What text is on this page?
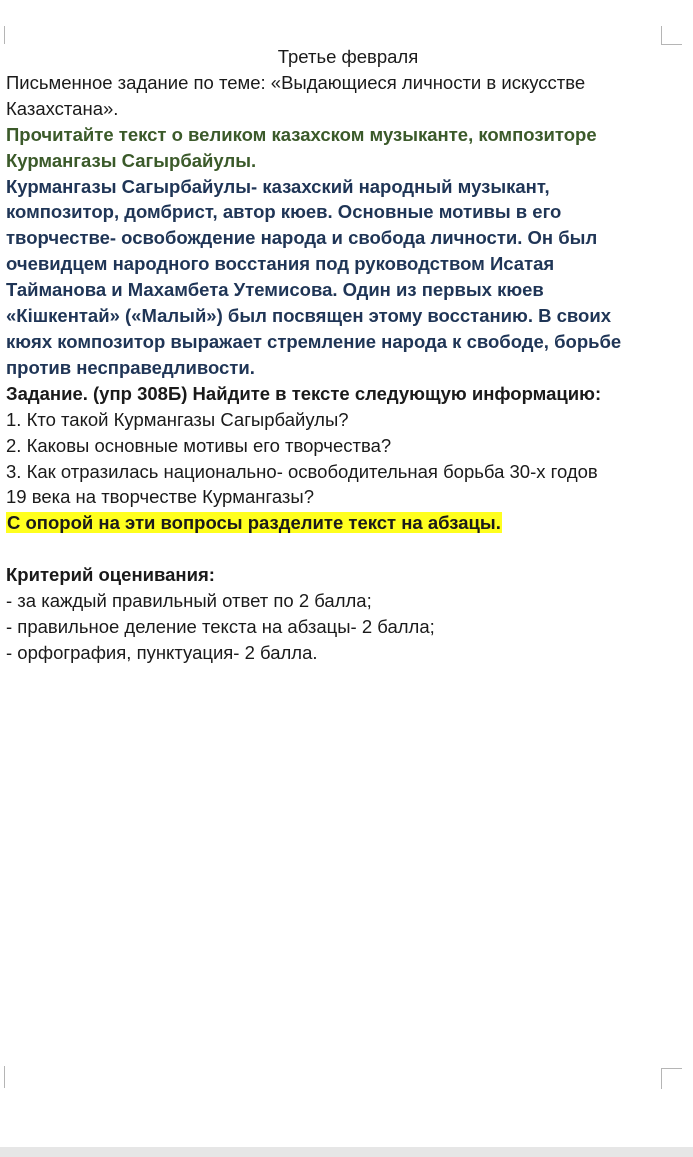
Третье февраля
Письменное задание по теме: «Выдающиеся личности в искусстве
Казахстана».
Прочитайте текст о великом казахском музыканте, композиторе
Курмангазы Сагырбайулы.
Курмангазы Сагырбайулы- казахский народный музыкант,
композитор, домбрист, автор кюев. Основные мотивы в его
творчестве- освобождение народа и свобода личности. Он был
очевидцем народного восстания под руководством Исатая
Тайманова и Махамбета Утемисова. Один из первых кюев
«Кішкентай» («Малый») был посвящен этому восстанию. В своих
кюях композитор выражает стремление народа к свободе, борьбе
против несправедливости.
Задание. (упр 308Б) Найдите в тексте следующую информацию:
1. Кто такой Курмангазы Сагырбайулы?
2. Каковы основные мотивы его творчества?
3. Как отразилась национально- освободительная борьба 30-х годов
19 века на творчестве Курмангазы?
С опорой на эти вопросы разделите текст на абзацы.
Критерий оценивания:
- за каждый правильный ответ по 2 балла;
- правильное деление текста на абзацы- 2 балла;
- орфография, пунктуация- 2 балла.
